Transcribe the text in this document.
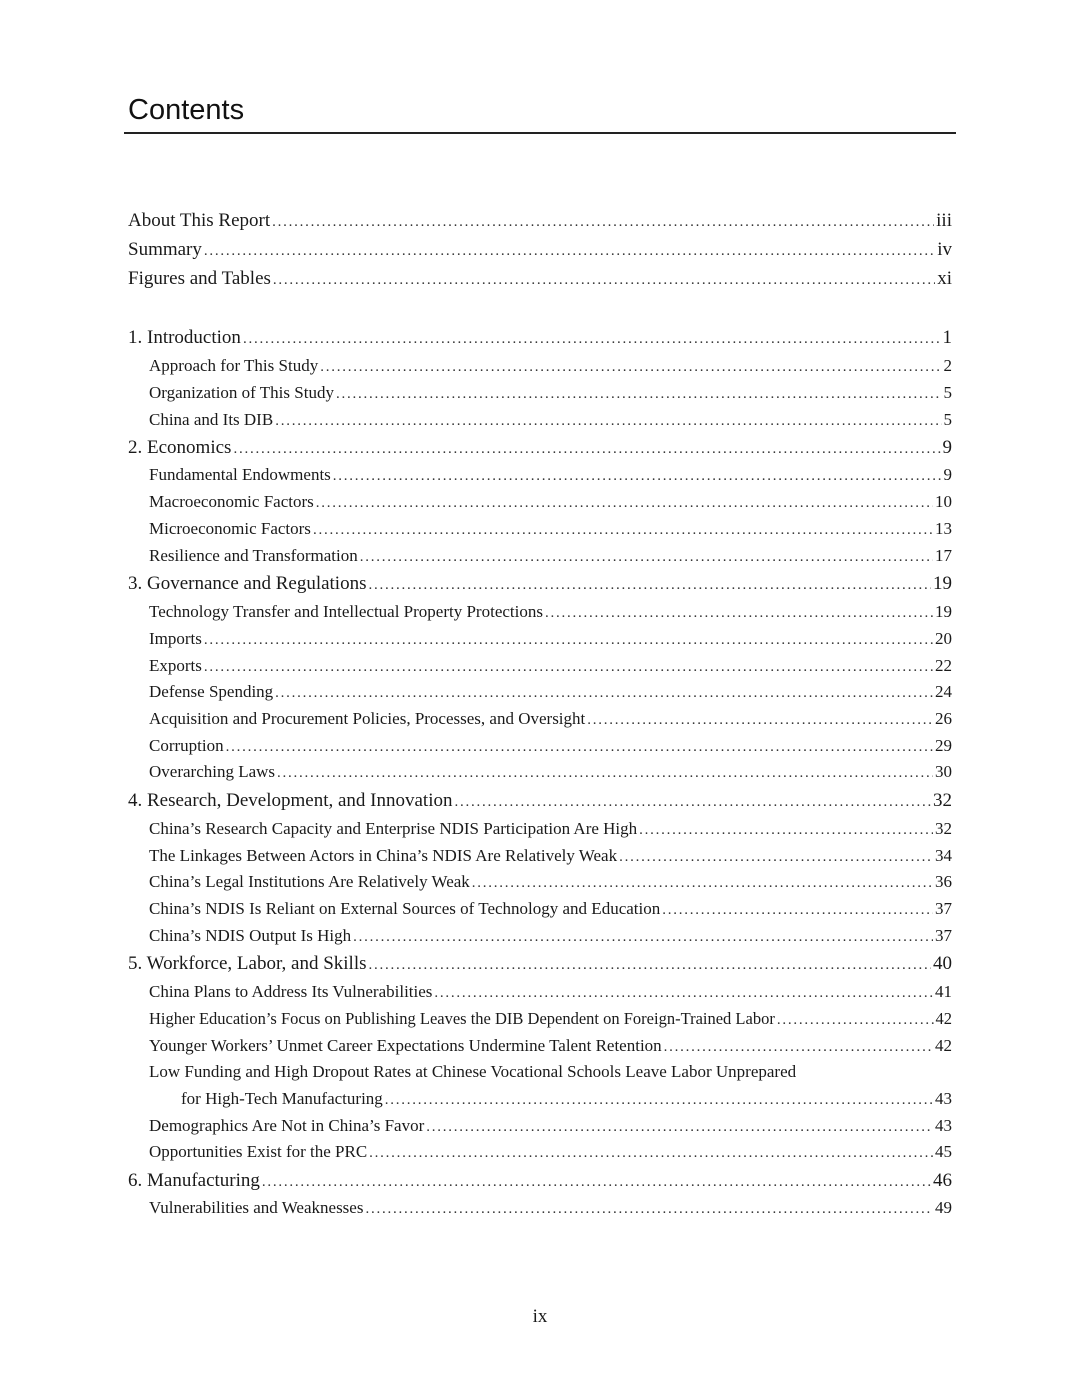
Contents
About This Report . . .	iii
Summary . . .	iv
Figures and Tables . . .	xi
1. Introduction . . .	1
Approach for This Study . . .	2
Organization of This Study . . .	5
China and Its DIB . . .	5
2. Economics . . .	9
Fundamental Endowments . . .	9
Macroeconomic Factors . . .	10
Microeconomic Factors . . .	13
Resilience and Transformation . . .	17
3. Governance and Regulations . . .	19
Technology Transfer and Intellectual Property Protections . . .	19
Imports . . .	20
Exports . . .	22
Defense Spending . . .	24
Acquisition and Procurement Policies, Processes, and Oversight . . .	26
Corruption . . .	29
Overarching Laws . . .	30
4. Research, Development, and Innovation . . .	32
China’s Research Capacity and Enterprise NDIS Participation Are High . . .	32
The Linkages Between Actors in China’s NDIS Are Relatively Weak . . .	34
China’s Legal Institutions Are Relatively Weak . . .	36
China’s NDIS Is Reliant on External Sources of Technology and Education . . .	37
China’s NDIS Output Is High . . .	37
5. Workforce, Labor, and Skills . . .	40
China Plans to Address Its Vulnerabilities . . .	41
Higher Education’s Focus on Publishing Leaves the DIB Dependent on Foreign-Trained Labor . . .	42
Younger Workers’ Unmet Career Expectations Undermine Talent Retention . . .	42
Low Funding and High Dropout Rates at Chinese Vocational Schools Leave Labor Unprepared
for High-Tech Manufacturing . . .	43
Demographics Are Not in China’s Favor . . .	43
Opportunities Exist for the PRC . . .	45
6. Manufacturing . . .	46
Vulnerabilities and Weaknesses . . .	49
ix
